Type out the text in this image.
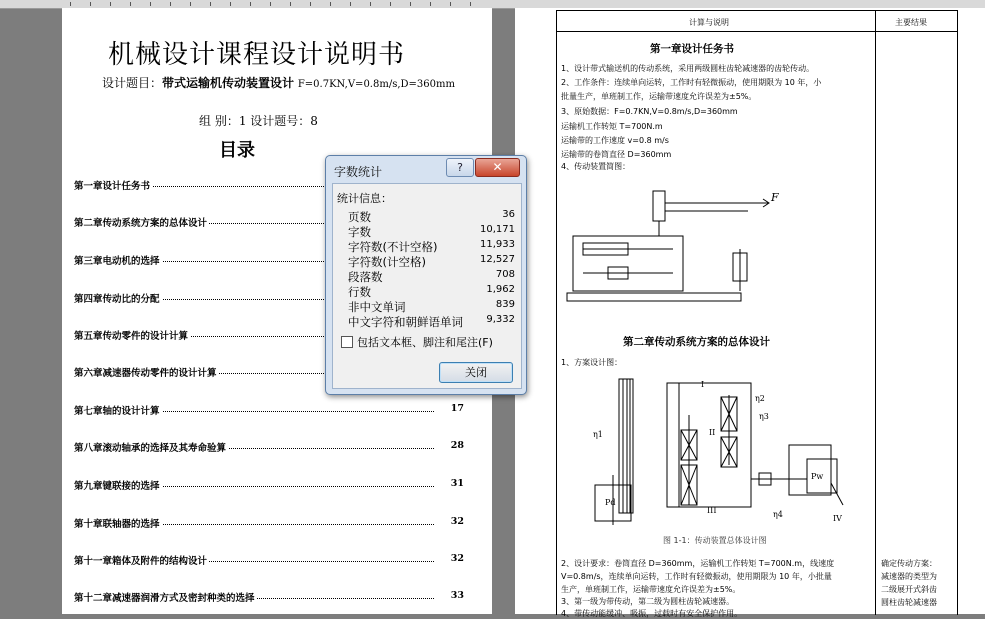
机械设计课程设计说明书
设计题目：带式运输机传动装置设计 F=0.7KN,V=0.8m/s,D=360mm
组 别：1 设计题号：8
目录
第一章设计任务书
第二章传动系统方案的总体设计
第三章电动机的选择
第四章传动比的分配
第五章传动零件的设计计算
第六章减速器传动零件的设计计算
第七章轴的设计计算	17
第八章滚动轴承的选择及其寿命验算	28
第九章键联接的选择	31
第十章联轴器的选择	32
第十一章箱体及附件的结构设计	32
第十二章减速器润滑方式及密封种类的选择	33
计算与说明	主要结果
第一章设计任务书
1、设计带式输送机的传动系统，采用两级圆柱齿轮减速器的齿轮传动。
2、工作条件：连续单向运转，工作时有轻微振动，使用期限为 10 年，小
批量生产，单班制工作，运输带速度允许误差为±5%。
3、原始数据：F=0.7KN,V=0.8m/s,D=360mm
运输机工作转矩 T=700N.m
运输带的工作速度 v=0.8 m/s
运输带的卷筒直径 D=360mm
4、传动装置简图：
F
第二章传动系统方案的总体设计
1、方案设计图：
I
II
III
IV
η1
η2
η3
η4
Pd
Pw
图 1-1：传动装置总体设计图
2、设计要求：卷筒直径 D=360mm，运输机工作转矩 T=700N.m，线速度
V=0.8m/s，连续单向运转，工作时有轻微振动，使用期限为 10 年，小批量
生产，单班制工作，运输带速度允许误差为±5%。
3、第一级为带传动，第二级为圆柱齿轮减速器。
4、带传动能缓冲、吸振，过载时有安全保护作用。
确定传动方案：
减速器的类型为
二级展开式斜齿
圆柱齿轮减速器
字数统计	?	✕
统计信息：
页数	36
字数	10,171
字符数(不计空格)	11,933
字符数(计空格)	12,527
段落数	708
行数	1,962
非中文单词	839
中文字符和朝鲜语单词 9,332
包括文本框、脚注和尾注(F)
关闭
